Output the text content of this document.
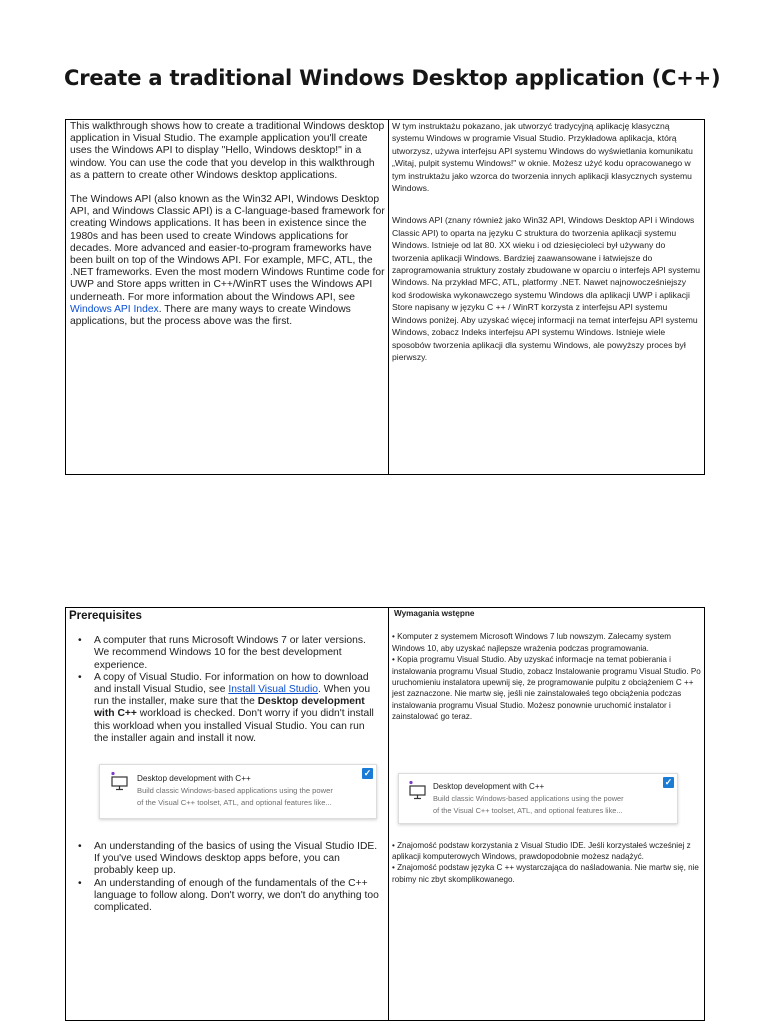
Create a traditional Windows Desktop application (C++)

This walkthrough shows how to create a traditional Windows desktop application in Visual Studio. The example application you'll create uses the Windows API to display "Hello, Windows desktop!" in a window. You can use the code that you develop in this walkthrough as a pattern to create other Windows desktop applications.

The Windows API (also known as the Win32 API, Windows Desktop API, and Windows Classic API) is a C-language-based framework for creating Windows applications. It has been in existence since the 1980s and has been used to create Windows applications for decades. More advanced and easier-to-program frameworks have been built on top of the Windows API. For example, MFC, ATL, the .NET frameworks. Even the most modern Windows Runtime code for UWP and Store apps written in C++/WinRT uses the Windows API underneath. For more information about the Windows API, see Windows API Index. There are many ways to create Windows applications, but the process above was the first.

W tym instruktażu pokazano, jak utworzyć tradycyjną aplikację klasyczną systemu Windows w programie Visual Studio. Przykładowa aplikacja, którą utworzysz, używa interfejsu API systemu Windows do wyświetlania komunikatu „Witaj, pulpit systemu Windows!" w oknie. Możesz użyć kodu opracowanego w tym instruktażu jako wzorca do tworzenia innych aplikacji klasycznych systemu Windows.

Windows API (znany również jako Win32 API, Windows Desktop API i Windows Classic API) to oparta na języku C struktura do tworzenia aplikacji systemu Windows. Istnieje od lat 80. XX wieku i od dziesięcioleci był używany do tworzenia aplikacji Windows. Bardziej zaawansowane i łatwiejsze do zaprogramowania struktury zostały zbudowane w oparciu o interfejs API systemu Windows. Na przykład MFC, ATL, platformy .NET. Nawet najnowocześniejszy kod środowiska wykonawczego systemu Windows dla aplikacji UWP i aplikacji Store napisany w języku C ++ / WinRT korzysta z interfejsu API systemu Windows poniżej. Aby uzyskać więcej informacji na temat interfejsu API systemu Windows, zobacz Indeks interfejsu API systemu Windows. Istnieje wiele sposobów tworzenia aplikacji dla systemu Windows, ale powyższy proces był pierwszy.

Prerequisites
• A computer that runs Microsoft Windows 7 or later versions. We recommend Windows 10 for the best development experience.
• A copy of Visual Studio. For information on how to download and install Visual Studio, see Install Visual Studio. When you run the installer, make sure that the Desktop development with C++ workload is checked. Don't worry if you didn't install this workload when you installed Visual Studio. You can run the installer again and install it now.
Desktop development with C++
Build classic Windows-based applications using the power
of the Visual C++ toolset, ATL, and optional features like...
✓
• An understanding of the basics of using the Visual Studio IDE. If you've used Windows desktop apps before, you can probably keep up.
• An understanding of enough of the fundamentals of the C++ language to follow along. Don't worry, we don't do anything too complicated.

Wymagania wstępne

• Komputer z systemem Microsoft Windows 7 lub nowszym. Zalecamy system Windows 10, aby uzyskać najlepsze wrażenia podczas programowania.

• Kopia programu Visual Studio. Aby uzyskać informacje na temat pobierania i instalowania programu Visual Studio, zobacz Instalowanie programu Visual Studio. Po uruchomieniu instalatora upewnij się, że programowanie pulpitu z obciążeniem C ++ jest zaznaczone. Nie martw się, jeśli nie zainstalowałeś tego obciążenia podczas instalowania programu Visual Studio. Możesz ponownie uruchomić instalator i zainstalować go teraz.

Desktop development with C++
Build classic Windows-based applications using the power
of the Visual C++ toolset, ATL, and optional features like...
✓

• Znajomość podstaw korzystania z Visual Studio IDE. Jeśli korzystałeś wcześniej z aplikacji komputerowych Windows, prawdopodobnie możesz nadążyć.

• Znajomość podstaw języka C ++ wystarczająca do naśladowania. Nie martw się, nie robimy nic zbyt skomplikowanego.
